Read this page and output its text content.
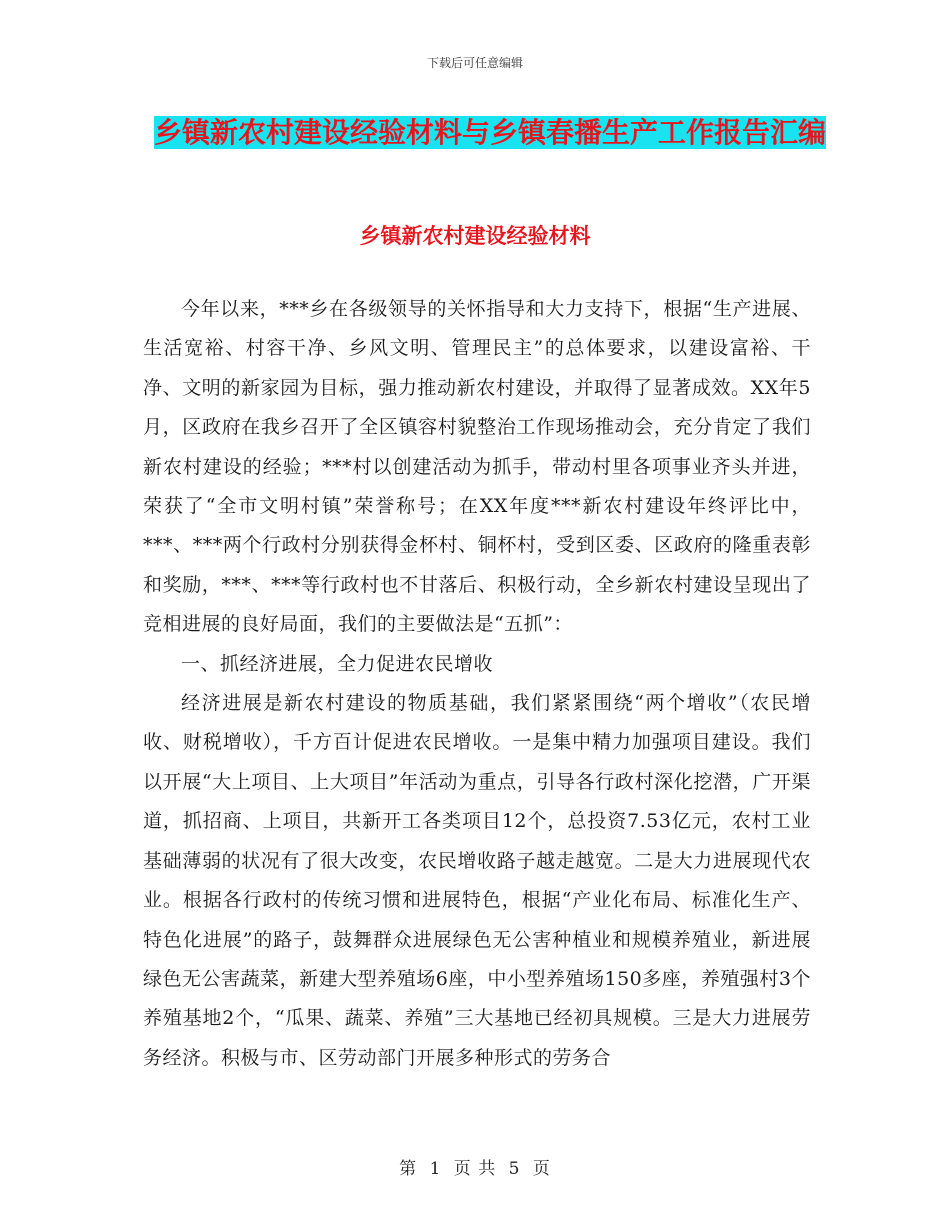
下载后可任意编辑
乡镇新农村建设经验材料与乡镇春播生产工作报告汇编
乡镇新农村建设经验材料

今年以来，***乡在各级领导的关怀指导和大力支持下，根据“生产进展、生活宽裕、村容干净、乡风文明、管理民主”的总体要求，以建设富裕、干净、文明的新家园为目标，强力推动新农村建设，并取得了显著成效。XX年5月，区政府在我乡召开了全区镇容村貌整治工作现场推动会，充分肯定了我们新农村建设的经验；***村以创建活动为抓手，带动村里各项事业齐头并进，荣获了“全市文明村镇”荣誉称号；在XX年度***新农村建设年终评比中，***、***两个行政村分别获得金杯村、铜杯村，受到区委、区政府的隆重表彰和奖励，***、***等行政村也不甘落后、积极行动，全乡新农村建设呈现出了竞相进展的良好局面，我们的主要做法是“五抓”：

一、抓经济进展，全力促进农民增收

经济进展是新农村建设的物质基础，我们紧紧围绕“两个增收”（农民增收、财税增收），千方百计促进农民增收。一是集中精力加强项目建设。我们以开展“大上项目、上大项目”年活动为重点，引导各行政村深化挖潜，广开渠道，抓招商、上项目，共新开工各类项目12个，总投资7.53亿元，农村工业基础薄弱的状况有了很大改变，农民增收路子越走越宽。二是大力进展现代农业。根据各行政村的传统习惯和进展特色，根据“产业化布局、标准化生产、特色化进展”的路子，鼓舞群众进展绿色无公害种植业和规模养殖业，新进展绿色无公害蔬菜，新建大型养殖场6座，中小型养殖场150多座，养殖强村3个养殖基地2个，“瓜果、蔬菜、养殖”三大基地已经初具规模。三是大力进展劳务经济。积极与市、区劳动部门开展多种形式的劳务合

第 1 页 共 5 页
